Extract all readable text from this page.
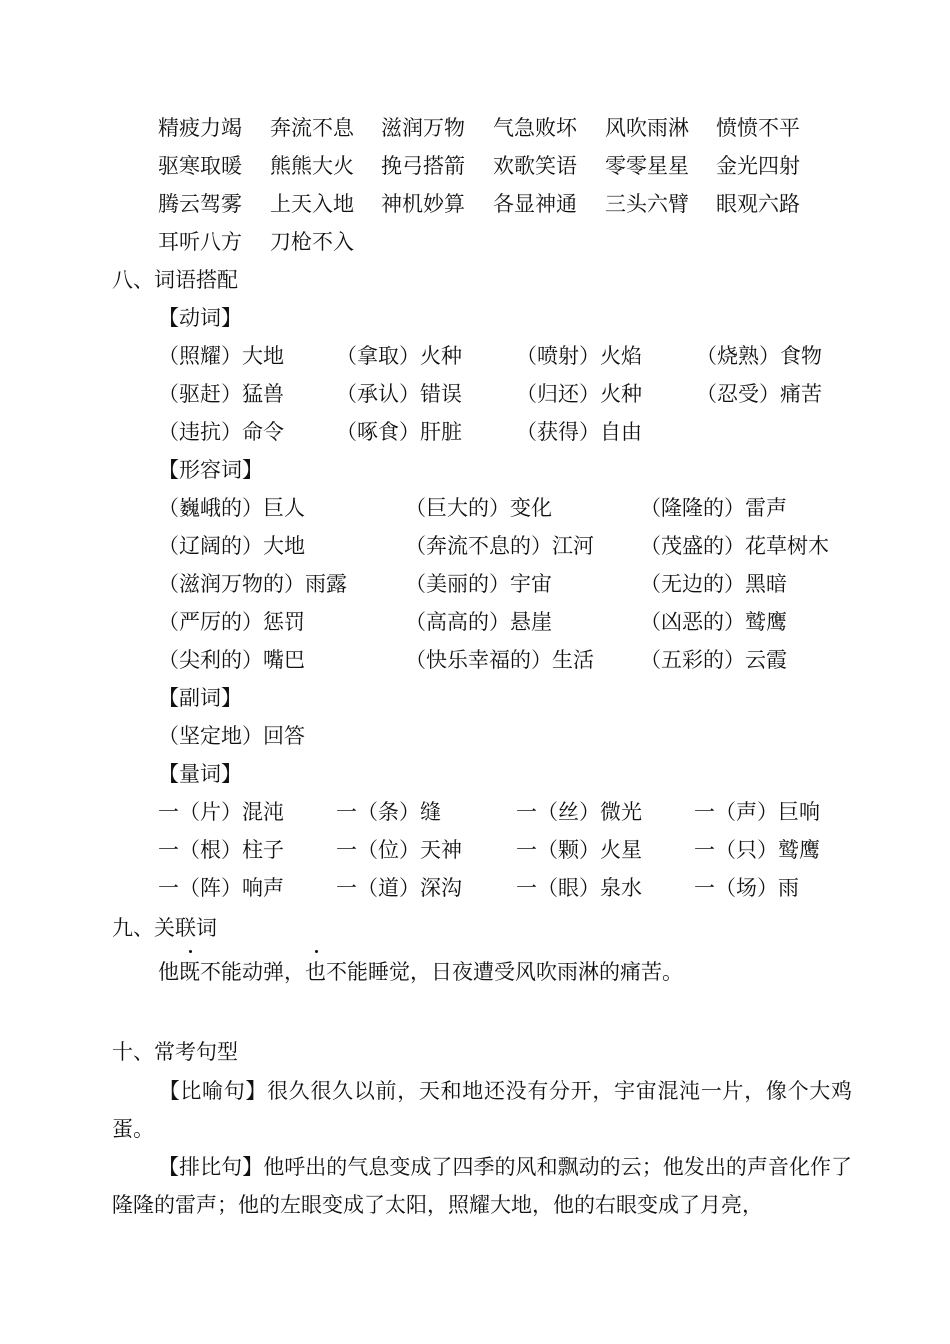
精疲力竭 奔流不息 滋润万物 气急败坏 风吹雨淋 愤愤不平
驱寒取暖 熊熊大火 挽弓搭箭 欢歌笑语 零零星星 金光四射
腾云驾雾 上天入地 神机妙算 各显神通 三头六臂 眼观六路
耳听八方 刀枪不入
八、词语搭配
【动词】
（照耀）大地 （拿取）火种	（喷射）火焰	（烧熟）食物
（驱赶）猛兽 （承认）错误	（归还）火种	（忍受）痛苦
（违抗）命令 （啄食）肝脏	（获得）自由
【形容词】
（巍峨的）巨人	（巨大的）变化	（隆隆的）雷声
（辽阔的）大地	（奔流不息的）江河 （茂盛的）花草树木
（滋润万物的）雨露	（美丽的）宇宙	（无边的）黑暗
（严厉的）惩罚	（高高的）悬崖	（凶恶的）鹫鹰
（尖利的）嘴巴	（快乐幸福的）生活 （五彩的）云霞
【副词】
（坚定地）回答
【量词】
一（片）混沌 一（条）缝	一（丝）微光 一（声）巨响
一（根）柱子 一（位）天神	一（颗）火星 一（只）鹫鹰
一（阵）响声 一（道）深沟	一（眼）泉水 一（场）雨
九、关联词
他既不能动弹，也不能睡觉，日夜遭受风吹雨淋的痛苦。
十、常考句型
【比喻句】很久很久以前，天和地还没有分开，宇宙混沌一片，像个大鸡蛋。
【排比句】他呼出的气息变成了四季的风和飘动的云；他发出的声音化作了隆隆的雷声；他的左眼变成了太阳，照耀大地，他的右眼变成了月亮，
